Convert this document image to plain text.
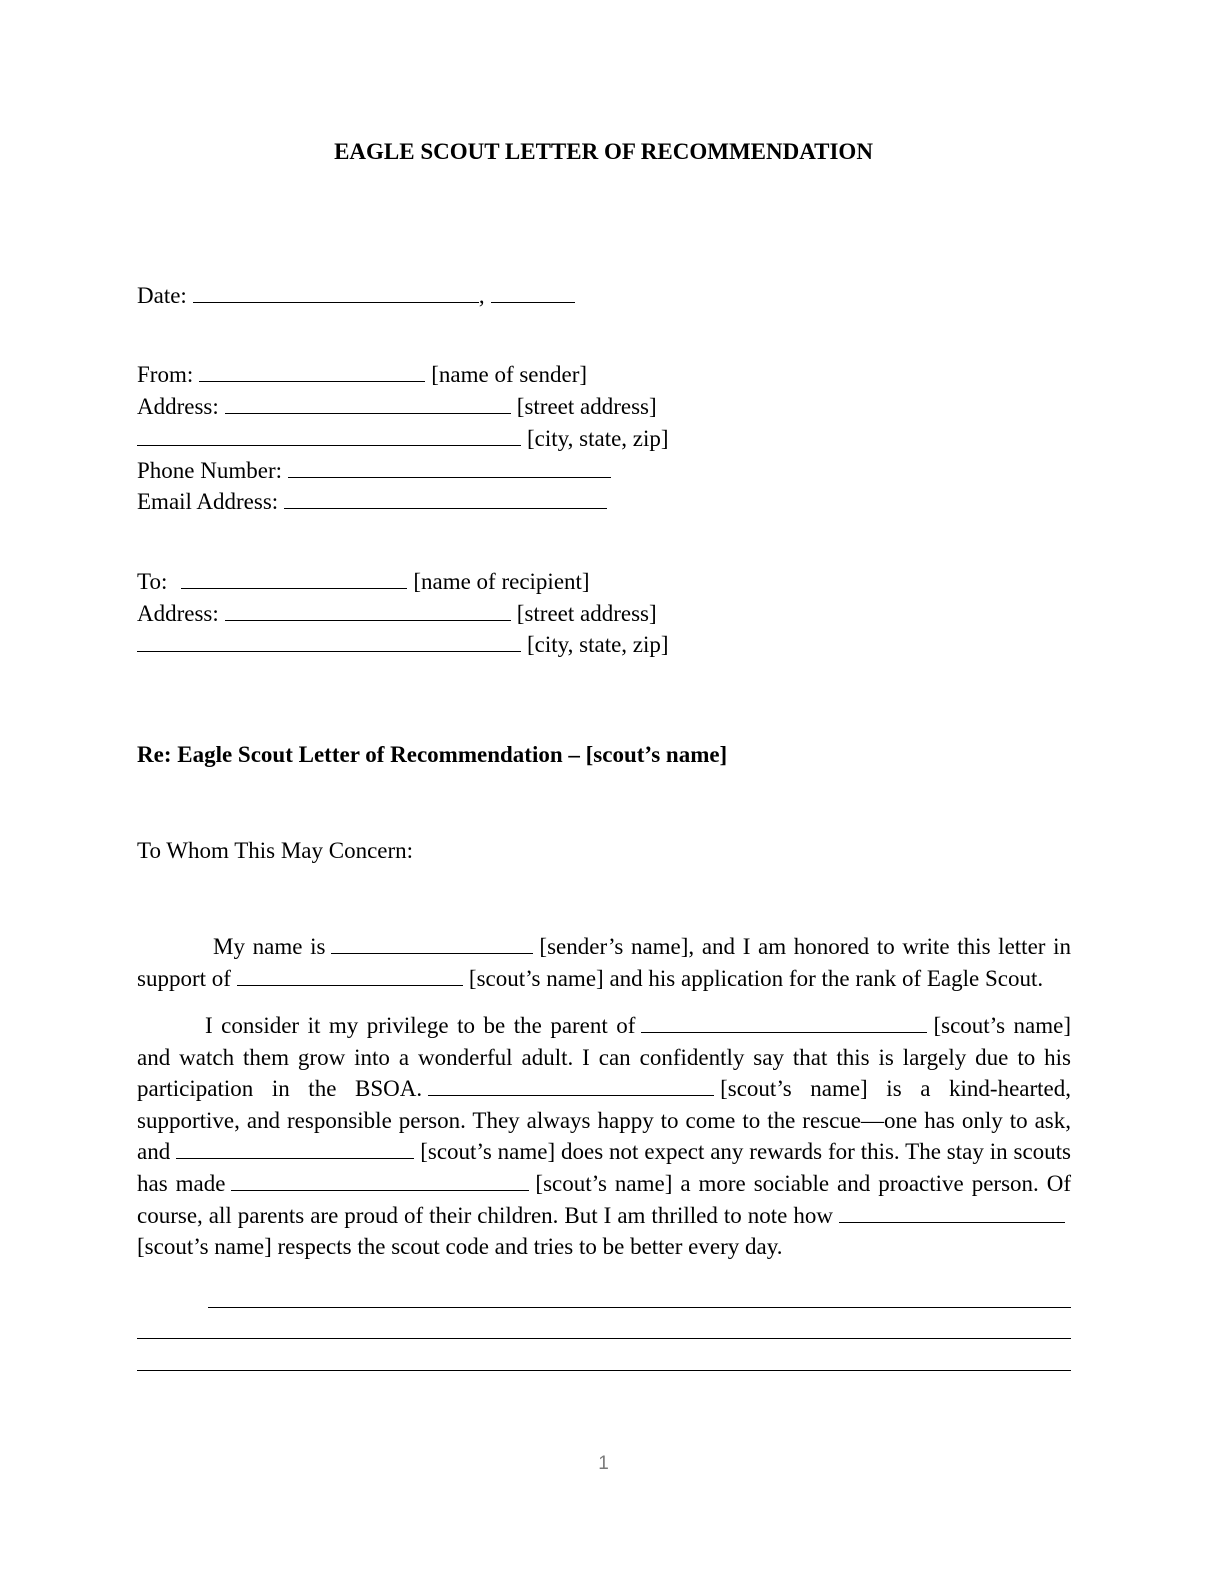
EAGLE SCOUT LETTER OF RECOMMENDATION
Date:	,
From:	[name of sender]
Address:	[street address]
[city, state, zip]
Phone Number:
Email Address:
To:	[name of recipient]
Address:	[street address]
[city, state, zip]
Re: Eagle Scout Letter of Recommendation – [scout’s name]
To Whom This May Concern:

My name is	[sender’s name], and I am honored to write this letter in support of	[scout’s name] and his application for the rank of Eagle Scout.

I consider it my privilege to be the parent of	[scout’s name] and watch them grow into a wonderful adult. I can confidently say that this is largely due to his participation in the BSOA.	[scout’s name] is a kind-hearted, supportive, and responsible person. They always happy to come to the rescue—one has only to ask, and	[scout’s name] does not expect any rewards for this. The stay in scouts has made	[scout’s name] a more sociable and proactive person. Of course, all parents are proud of their children. But I am thrilled to note how[scout’s name] respects the scout code and tries to be better every day.

1
